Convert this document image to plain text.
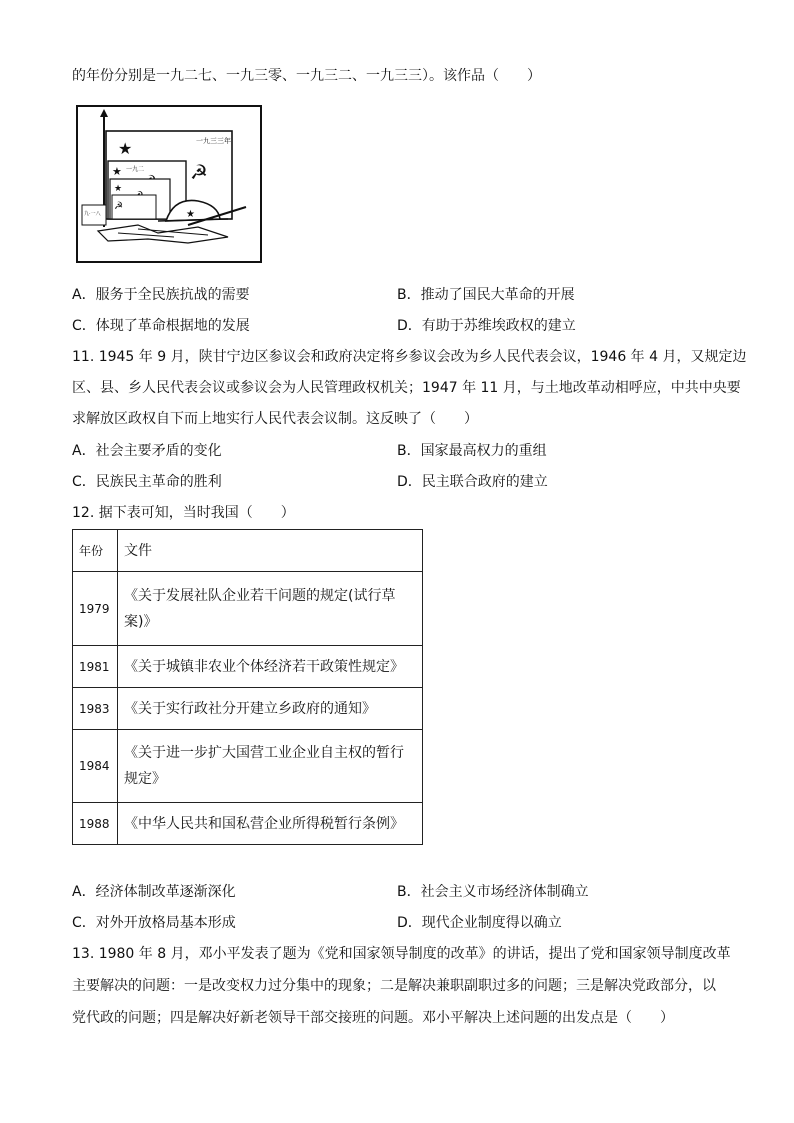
的年份分别是一九二七、一九三零、一九三二、一九三三）。该作品（　　）
一九三三年
★
☭
★ 一九二
★
☭
九·一八	★
A．服务于全民族抗战的需要	B．推动了国民大革命的开展
C．体现了革命根据地的发展	D．有助于苏维埃政权的建立
11. 1945 年 9 月，陕甘宁边区参议会和政府决定将乡参议会改为乡人民代表会议，1946 年 4 月，又规定边
区、县、乡人民代表会议或参议会为人民管理政权机关；1947 年 11 月，与土地改革动相呼应，中共中央要
求解放区政权自下而上地实行人民代表会议制。这反映了（　　）
A．社会主要矛盾的变化	B．国家最高权力的重组
C．民族民主革命的胜利	D．民主联合政府的建立
12. 据下表可知，当时我国（　　）
年份	文件
1979	《关于发展社队企业若干问题的规定(试行草
案)》

1981	《关于城镇非农业个体经济若干政策性规定》
1983	《关于实行政社分开建立乡政府的通知》
1984	《关于进一步扩大国营工业企业自主权的暂行
规定》

1988	《中华人民共和国私营企业所得税暂行条例》
A．经济体制改革逐渐深化	B．社会主义市场经济体制确立
C．对外开放格局基本形成	D．现代企业制度得以确立
13. 1980 年 8 月，邓小平发表了题为《党和国家领导制度的改革》的讲话，提出了党和国家领导制度改革
主要解决的问题：一是改变权力过分集中的现象；二是解决兼职副职过多的问题；三是解决党政部分，以
党代政的问题；四是解决好新老领导干部交接班的问题。邓小平解决上述问题的出发点是（　　）
